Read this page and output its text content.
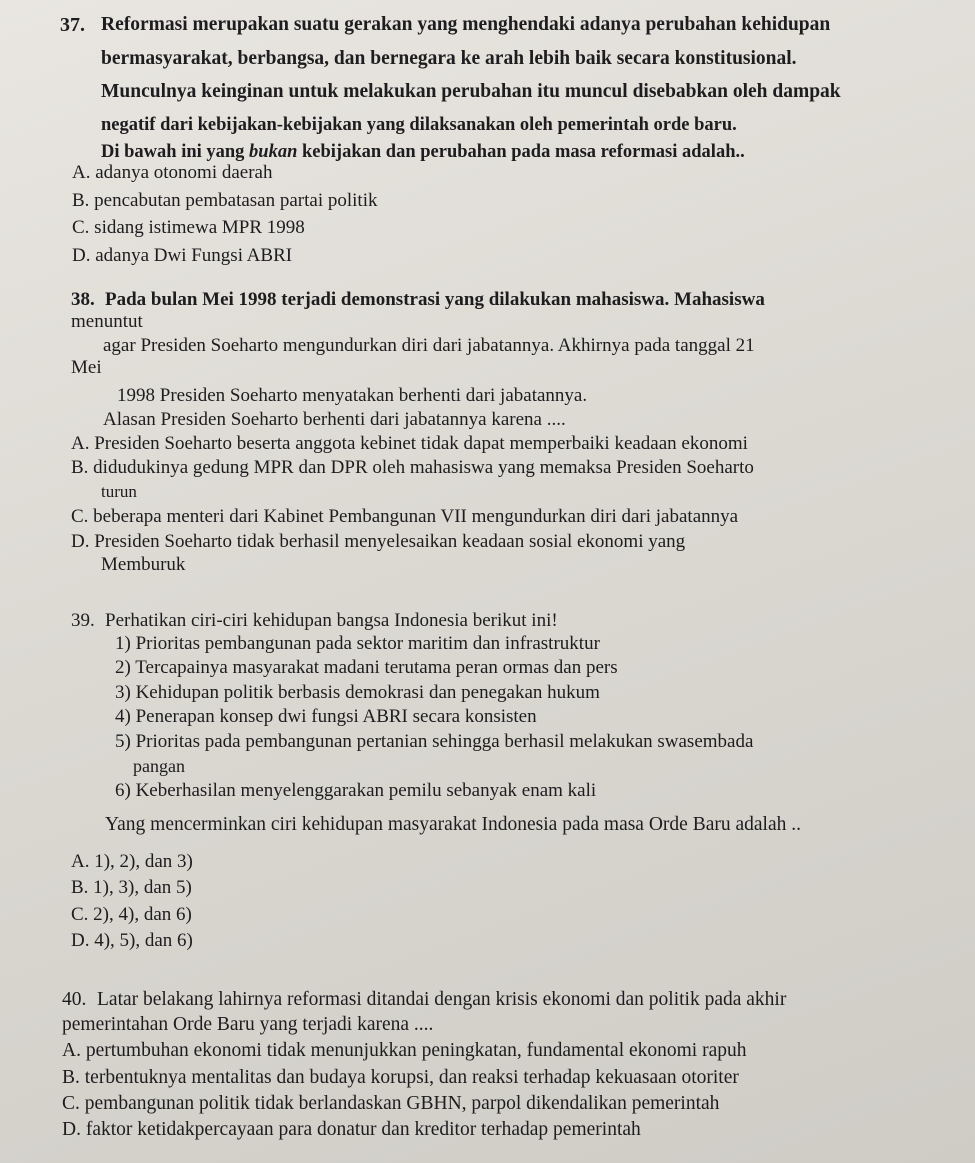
37. Reformasi merupakan suatu gerakan yang menghendaki adanya perubahan kehidupan
bermasyarakat, berbangsa, dan bernegara ke arah lebih baik secara konstitusional.
Munculnya keinginan untuk melakukan perubahan itu muncul disebabkan oleh dampak
negatif dari kebijakan-kebijakan yang dilaksanakan oleh pemerintah orde baru.
Di bawah ini yang bukan kebijakan dan perubahan pada masa reformasi adalah..
A. adanya otonomi daerah
B. pencabutan pembatasan partai politik
C. sidang istimewa MPR 1998
D. adanya Dwi Fungsi ABRI
38. Pada bulan Mei 1998 terjadi demonstrasi yang dilakukan mahasiswa. Mahasiswa
menuntut
agar Presiden Soeharto mengundurkan diri dari jabatannya. Akhirnya pada tanggal 21
Mei
1998 Presiden Soeharto menyatakan berhenti dari jabatannya.
Alasan Presiden Soeharto berhenti dari jabatannya karena ....
A. Presiden Soeharto beserta anggota kebinet tidak dapat memperbaiki keadaan ekonomi
B. didudukinya gedung MPR dan DPR oleh mahasiswa yang memaksa Presiden Soeharto
turun
C. beberapa menteri dari Kabinet Pembangunan VII mengundurkan diri dari jabatannya
D. Presiden Soeharto tidak berhasil menyelesaikan keadaan sosial ekonomi yang
Memburuk
39. Perhatikan ciri-ciri kehidupan bangsa Indonesia berikut ini!
1) Prioritas pembangunan pada sektor maritim dan infrastruktur
2) Tercapainya masyarakat madani terutama peran ormas dan pers
3) Kehidupan politik berbasis demokrasi dan penegakan hukum
4) Penerapan konsep dwi fungsi ABRI secara konsisten
5) Prioritas pada pembangunan pertanian sehingga berhasil melakukan swasembada
pangan
6) Keberhasilan menyelenggarakan pemilu sebanyak enam kali
Yang mencerminkan ciri kehidupan masyarakat Indonesia pada masa Orde Baru adalah ..
A. 1), 2), dan 3)
B. 1), 3), dan 5)
C. 2), 4), dan 6)
D. 4), 5), dan 6)
40. Latar belakang lahirnya reformasi ditandai dengan krisis ekonomi dan politik pada akhir
pemerintahan Orde Baru yang terjadi karena ....
A. pertumbuhan ekonomi tidak menunjukkan peningkatan, fundamental ekonomi rapuh
B. terbentuknya mentalitas dan budaya korupsi, dan reaksi terhadap kekuasaan otoriter
C. pembangunan politik tidak berlandaskan GBHN, parpol dikendalikan pemerintah
D. faktor ketidakpercayaan para donatur dan kreditor terhadap pemerintah
